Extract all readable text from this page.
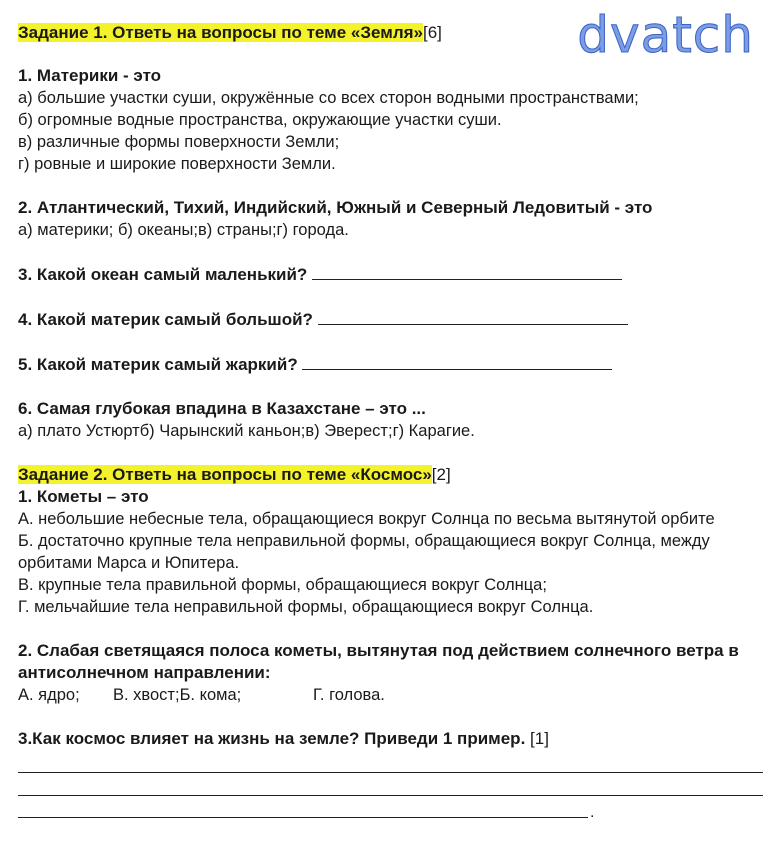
dvatch
Задание 1. Ответь на вопросы по теме «Земля»[6]
1. Материки - это
а) большие участки суши, окружённые со всех сторон водными пространствами;
б) огромные водные пространства, окружающие участки суши.
в) различные формы поверхности Земли;
г) ровные и широкие поверхности Земли.
2. Атлантический, Тихий, Индийский, Южный и Северный Ледовитый - это
а) материки; б) океаны;в) страны;г) города.
3. Какой океан самый маленький?
4. Какой материк самый большой?
5. Какой материк самый жаркий?
6. Самая глубокая впадина в Казахстане – это ...
а) плато Устюртб) Чарынский каньон;в) Эверест;г) Карагие.
Задание 2. Ответь на вопросы по теме «Космос»[2]
1. Кометы – это
А. небольшие небесные тела, обращающиеся вокруг Солнца по весьма вытянутой орбите
Б. достаточно крупные тела неправильной формы, обращающиеся вокруг Солнца, между орбитами Марса и Юпитера.
В. крупные тела правильной формы, обращающиеся вокруг Солнца;
Г. мельчайшие тела неправильной формы, обращающиеся вокруг Солнца.
2. Слабая светящаяся полоса кометы, вытянутая под действием солнечного ветра в антисолнечном направлении:
А. ядро; В. хвост;Б. кома;	Г. голова.
3.Как космос влияет на жизнь на земле? Приведи 1 пример. [1]
.
